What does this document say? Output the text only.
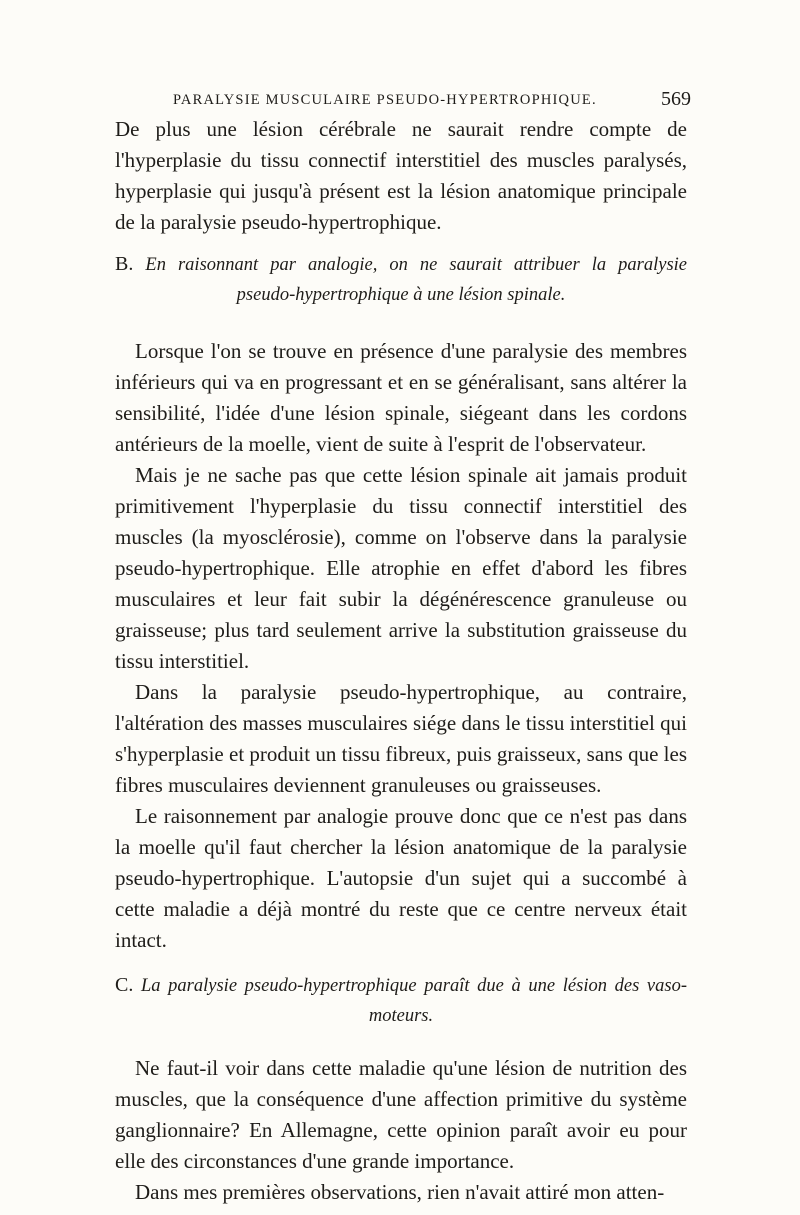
PARALYSIE MUSCULAIRE PSEUDO-HYPERTROPHIQUE.	569

De plus une lésion cérébrale ne saurait rendre compte de l'hyperplasie du tissu connectif interstitiel des muscles paralysés, hyperplasie qui jusqu'à présent est la lésion anatomique principale de la paralysie pseudo-hypertrophique.

B. En raisonnant par analogie, on ne saurait attribuer la paralysie
pseudo-hypertrophique à une lésion spinale.

Lorsque l'on se trouve en présence d'une paralysie des membres inférieurs qui va en progressant et en se généralisant, sans altérer la sensibilité, l'idée d'une lésion spinale, siégeant dans les cordons antérieurs de la moelle, vient de suite à l'esprit de l'observateur.

Mais je ne sache pas que cette lésion spinale ait jamais produit primitivement l'hyperplasie du tissu connectif interstitiel des muscles (la myosclérosie), comme on l'observe dans la paralysie pseudo-hypertrophique. Elle atrophie en effet d'abord les fibres musculaires et leur fait subir la dégénérescence granuleuse ou graisseuse; plus tard seulement arrive la substitution graisseuse du tissu interstitiel.

Dans la paralysie pseudo-hypertrophique, au contraire, l'altération des masses musculaires siége dans le tissu interstitiel qui s'hyperplasie et produit un tissu fibreux, puis graisseux, sans que les fibres musculaires deviennent granuleuses ou graisseuses.

Le raisonnement par analogie prouve donc que ce n'est pas dans la moelle qu'il faut chercher la lésion anatomique de la paralysie pseudo-hypertrophique. L'autopsie d'un sujet qui a succombé à cette maladie a déjà montré du reste que ce centre nerveux était intact.

C. La paralysie pseudo-hypertrophique paraît due à une lésion des vaso-
moteurs.

Ne faut-il voir dans cette maladie qu'une lésion de nutrition des muscles, que la conséquence d'une affection primitive du système ganglionnaire? En Allemagne, cette opinion paraît avoir eu pour elle des circonstances d'une grande importance.

Dans mes premières observations, rien n'avait attiré mon atten-
